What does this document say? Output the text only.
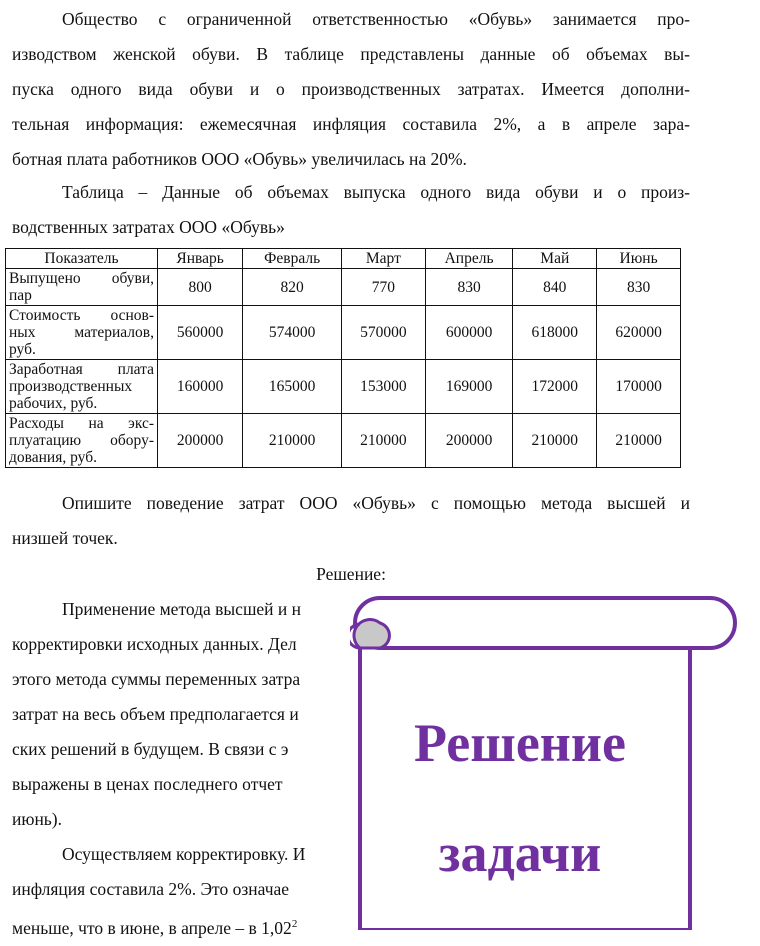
Общество с ограниченной ответственностью «Обувь» занимается про-
изводством женской обуви. В таблице представлены данные об объемах вы-
пуска одного вида обуви и о производственных затратах. Имеется дополни-
тельная информация: ежемесячная инфляция составила 2%, а в апреле зара-
ботная плата работников ООО «Обувь» увеличилась на 20%.
Таблица – Данные об объемах выпуска одного вида обуви и о произ-
водственных затратах ООО «Обувь»
Показатель	Январь	Февраль	Март	Апрель	Май	Июнь

Выпущено обуви,
пар	800	820	770	830	840	830

Стоимость основ-
ных материалов,
руб.	560000	574000	570000	600000	618000	620000

Заработная плата
производственных
рабочих, руб.	160000	165000	153000	169000	172000	170000

Расходы на экс-
плуатацию обору-
дования, руб.	200000	210000	210000	200000	210000	210000
Опишите поведение затрат ООО «Обувь» с помощью метода высшей и
низшей точек.
Решение:
Применение метода высшей и н
корректировки исходных данных. Дел
этого метода суммы переменных затра
затрат на весь объем предполагается и
ских решений в будущем. В связи с э
выражены в ценах последнего отчет
июнь).
Осуществляем корректировку. И
инфляция составила 2%. Это означае
меньше, что в июне, в апреле – в 1,02$^2$
Решение
задачи
